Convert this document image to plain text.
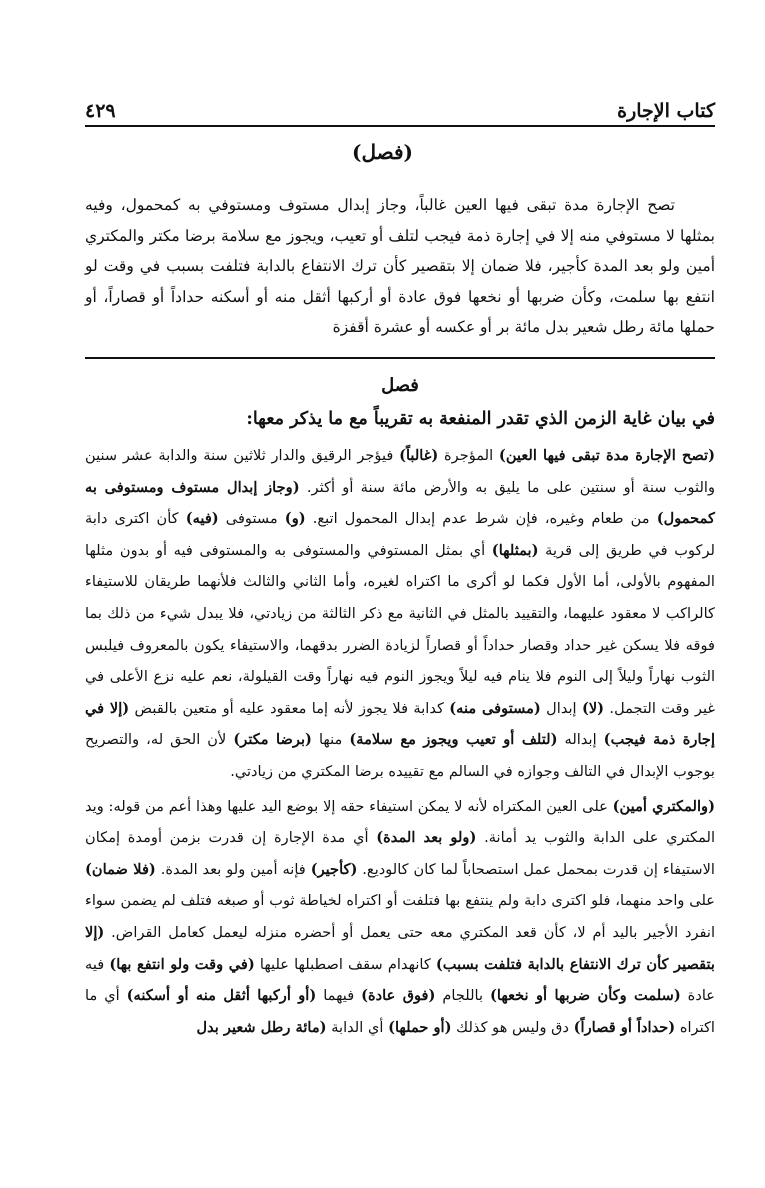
كتاب الإجارة
٤٢٩
(فصل)

تصح الإجارة مدة تبقى فيها العين غالباً، وجاز إبدال مستوف ومستوفي به كمحمول، وفيه بمثلها لا مستوفي منه إلا في إجارة ذمة فيجب لتلف أو تعيب، ويجوز مع سلامة برضا مكتر والمكتري أمين ولو بعد المدة كأجير، فلا ضمان إلا بتقصير كأن ترك الانتفاع بالدابة فتلفت بسبب في وقت لو انتفع بها سلمت، وكأن ضربها أو نخعها فوق عادة أو أركبها أثقل منه أو أسكنه حداداً أو قصاراً، أو حملها مائة رطل شعير بدل مائة بر أو عكسه أو عشرة أقفزة

فصل
في بيان غاية الزمن الذي تقدر المنفعة به تقريباً مع ما يذكر معها:

(تصح الإجارة مدة تبقى فيها العين) المؤجرة (غالباً) فيؤجر الرقيق والدار ثلاثين سنة والدابة عشر سنين والثوب سنة أو سنتين على ما يليق به والأرض مائة سنة أو أكثر. (وجاز إبدال مستوف ومستوفى به كمحمول) من طعام وغيره، فإن شرط عدم إبدال المحمول اتبع. (و) مستوفى (فيه) كأن اكترى دابة لركوب في طريق إلى قرية (بمثلها) أي بمثل المستوفي والمستوفى به والمستوفى فيه أو بدون مثلها المفهوم بالأولى، أما الأول فكما لو أكرى ما اكتراه لغيره، وأما الثاني والثالث فلأنهما طريقان للاستيفاء كالراكب لا معقود عليهما، والتقييد بالمثل في الثانية مع ذكر الثالثة من زيادتي، فلا يبدل شيء من ذلك بما فوقه فلا يسكن غير حداد وقصار حداداً أو قصاراً لزيادة الضرر بدقهما، والاستيفاء يكون بالمعروف فيلبس الثوب نهاراً وليلاً إلى النوم فلا ينام فيه ليلاً ويجوز النوم فيه نهاراً وقت القيلولة، نعم عليه نزع الأعلى في غير وقت التجمل. (لا) إبدال (مستوفى منه) كدابة فلا يجوز لأنه إما معقود عليه أو متعين بالقبض (إلا في إجارة ذمة فيجب) إبداله (لتلف أو تعيب ويجوز مع سلامة) منها (برضا مكتر) لأن الحق له، والتصريح بوجوب الإبدال في التالف وجوازه في السالم مع تقييده برضا المكتري من زيادتي.

(والمكتري أمين) على العين المكتراه لأنه لا يمكن استيفاء حقه إلا بوضع اليد عليها وهذا أعم من قوله: ويد المكتري على الدابة والثوب يد أمانة. (ولو بعد المدة) أي مدة الإجارة إن قدرت بزمن أومدة إمكان الاستيفاء إن قدرت بمحمل عمل استصحاباً لما كان كالوديع. (كأجير) فإنه أمين ولو بعد المدة. (فلا ضمان) على واحد منهما، فلو اكترى دابة ولم ينتفع بها فتلفت أو اكتراه لخياطة ثوب أو صبغه فتلف لم يضمن سواء انفرد الأجير باليد أم لا، كأن قعد المكتري معه حتى يعمل أو أحضره منزله ليعمل كعامل القراض. (إلا بتقصير كأن ترك الانتفاع بالدابة فتلفت بسبب) كانهدام سقف اصطبلها عليها (في وقت ولو انتفع بها) فيه عادة (سلمت وكأن ضربها أو نخعها) باللجام (فوق عادة) فيهما (أو أركبها أثقل منه أو أسكنه) أي ما اكتراه (حداداً أو قصاراً) دق وليس هو كذلك (أو حملها) أي الدابة (مائة رطل شعير بدل
